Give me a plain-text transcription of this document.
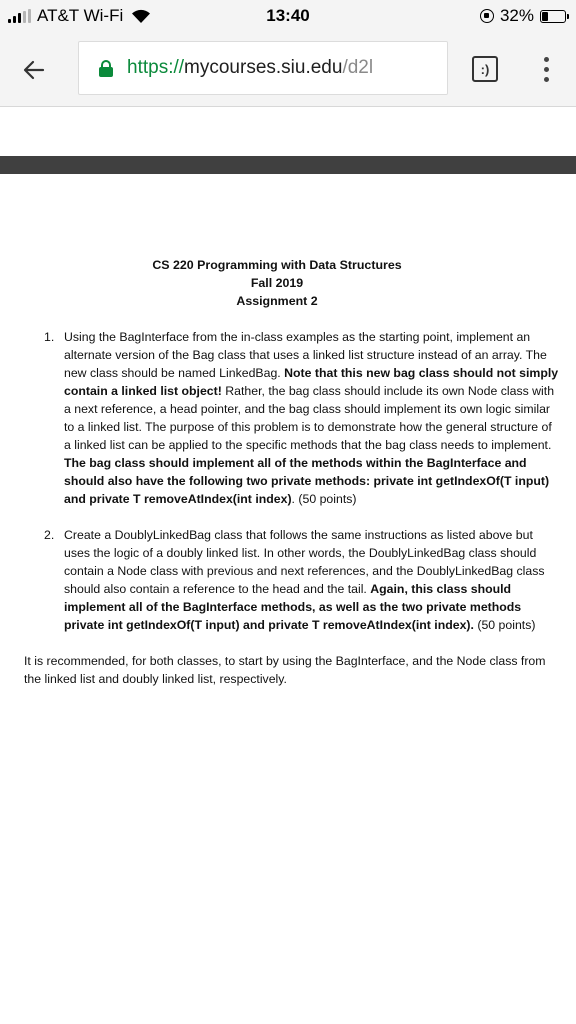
AT&T Wi-Fi	13:40	32%
https:// mycourses.siu.edu /d2l	:)
CS 220 Programming with Data Structures
Fall 2019
Assignment 2
1. Using the BagInterface from the in-class examples as the starting point, implement an alternate version of the Bag class that uses a linked list structure instead of an array. The new class should be named LinkedBag. Note that this new bag class should not simply contain a linked list object! Rather, the bag class should include its own Node class with a next reference, a head pointer, and the bag class should implement its own logic similar to a linked list. The purpose of this problem is to demonstrate how the general structure of a linked list can be applied to the specific methods that the bag class needs to implement. The bag class should implement all of the methods within the BagInterface and should also have the following two private methods: private int getIndexOf(T input) and private T removeAtIndex(int index). (50 points)
2. Create a DoublyLinkedBag class that follows the same instructions as listed above but uses the logic of a doubly linked list. In other words, the DoublyLinkedBag class should contain a Node class with previous and next references, and the DoublyLinkedBag class should also contain a reference to the head and the tail. Again, this class should implement all of the BagInterface methods, as well as the two private methods private int getIndexOf(T input) and private T removeAtIndex(int index). (50 points)
It is recommended, for both classes, to start by using the BagInterface, and the Node class from the linked list and doubly linked list, respectively.
